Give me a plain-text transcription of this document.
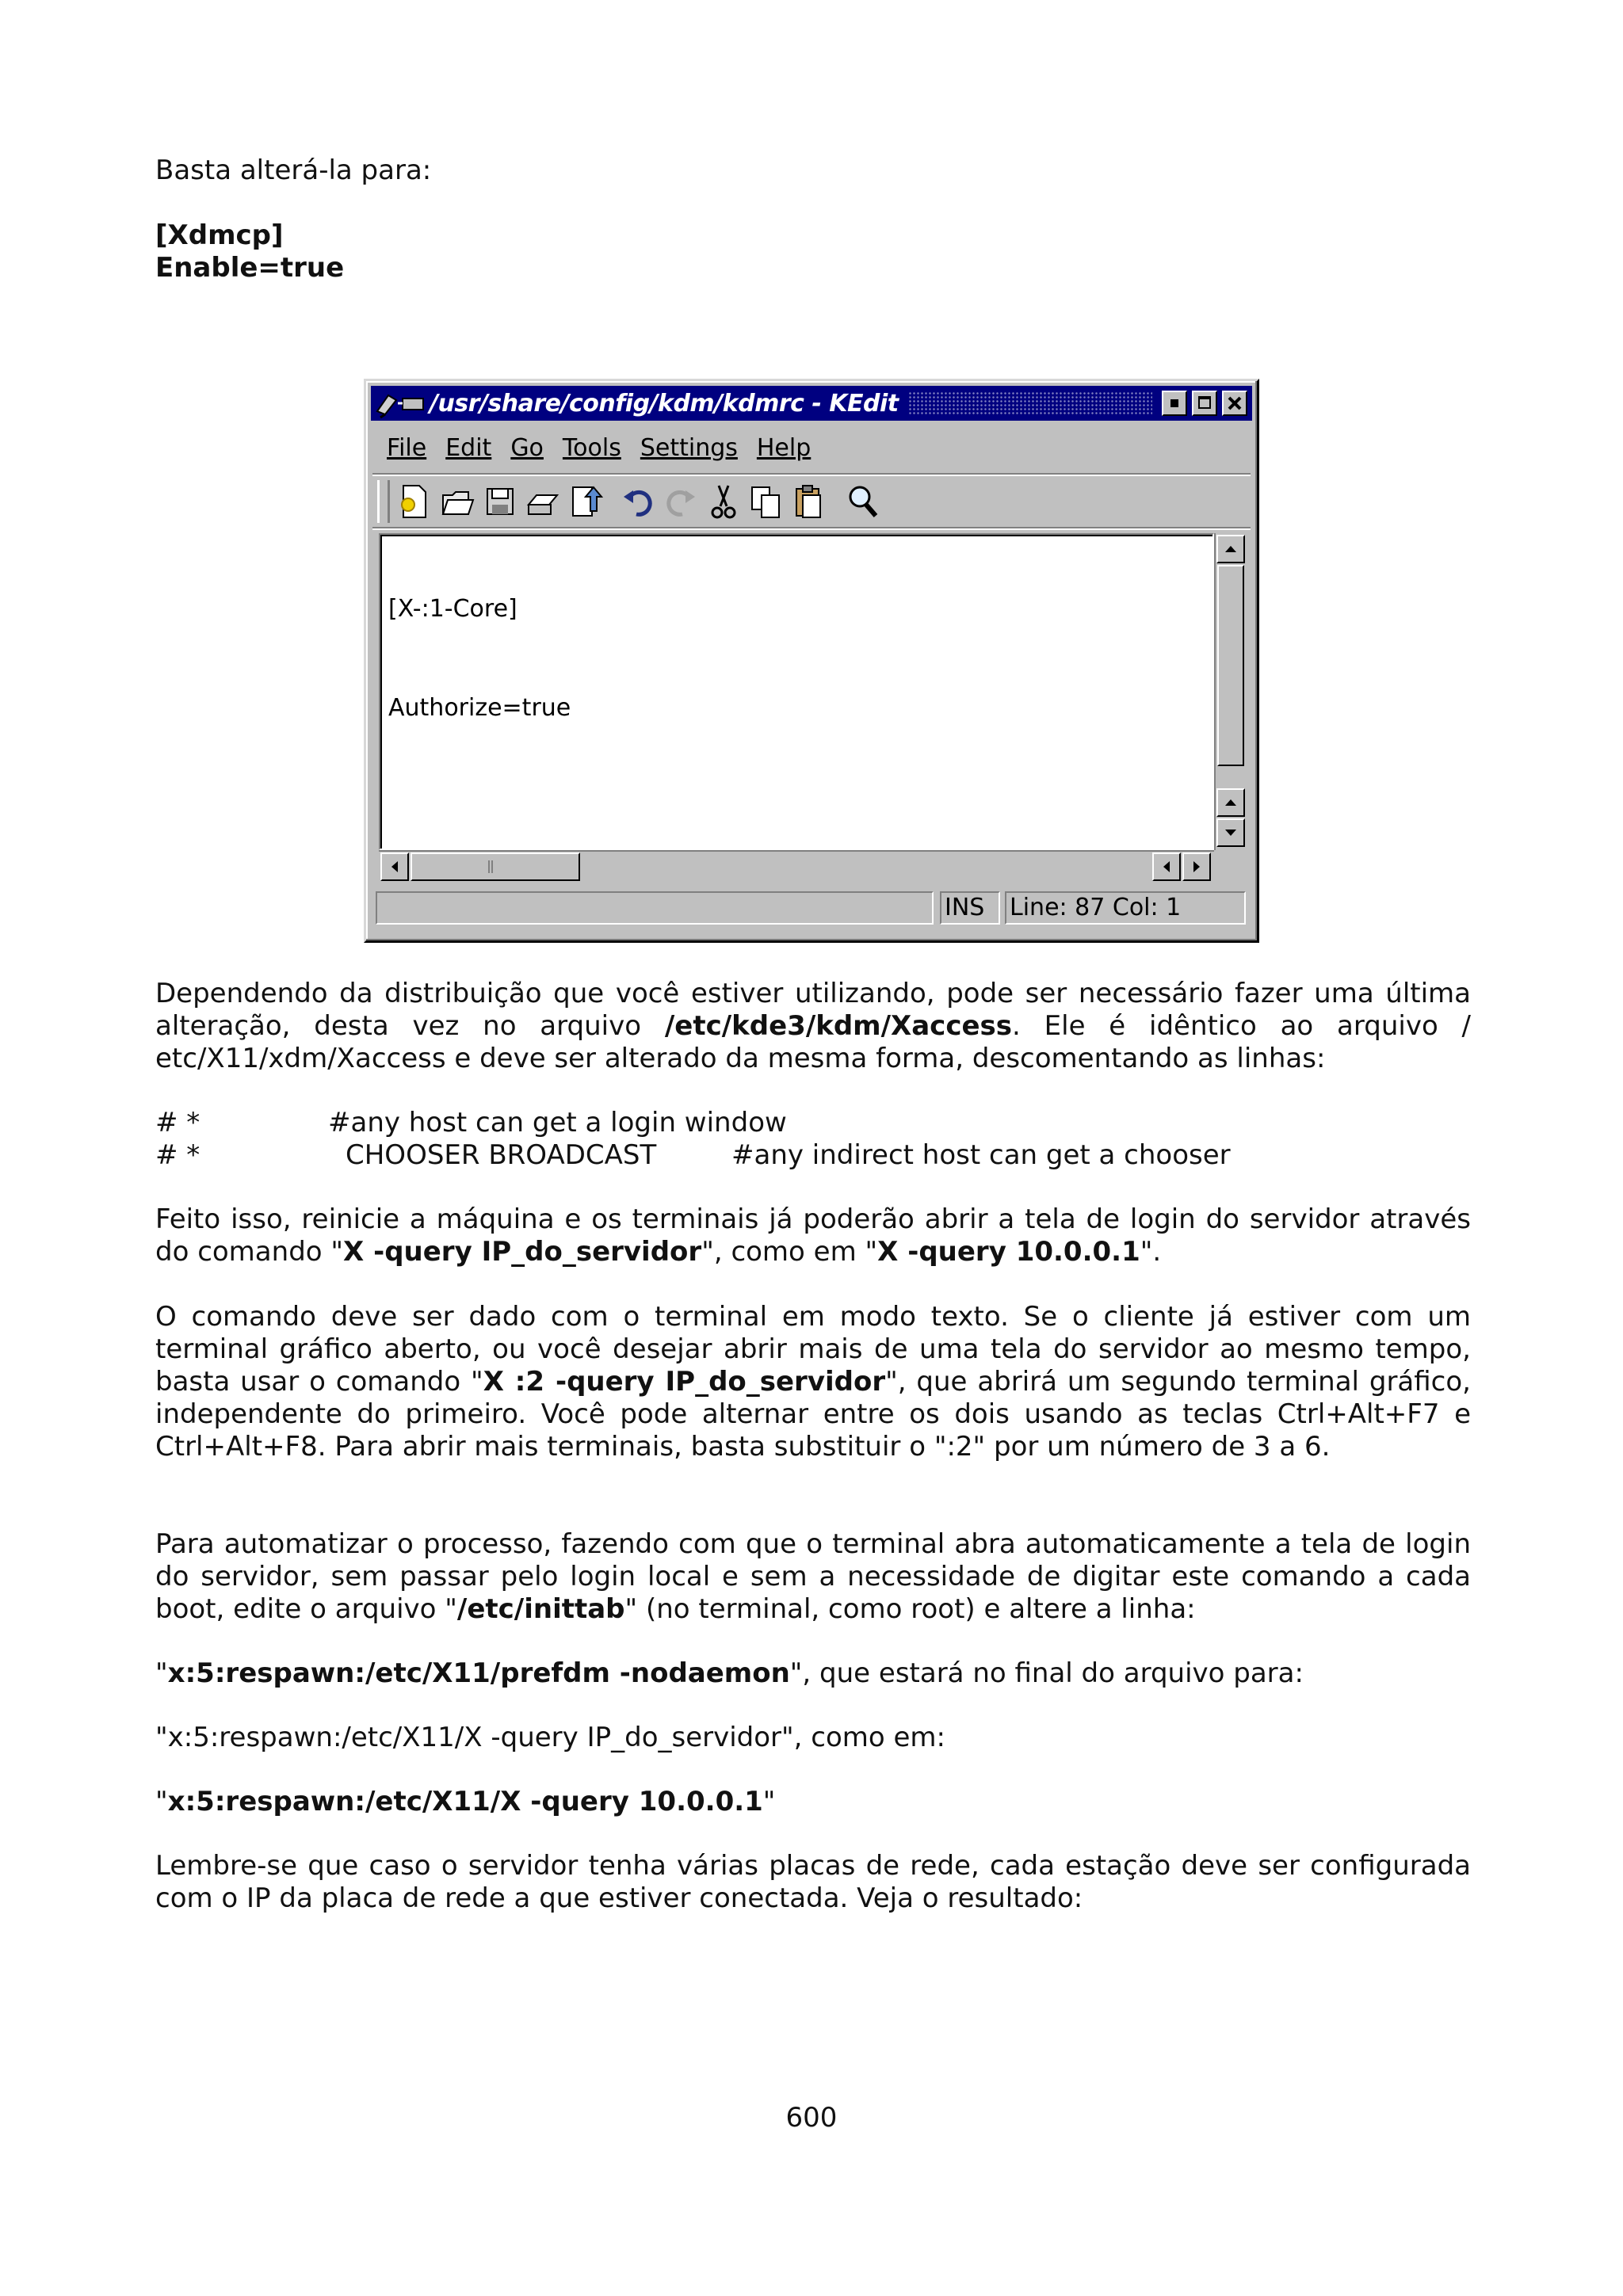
Basta alterá-la para:

[Xdmcp]

Enable=true

/usr/share/config/kdm/kdmrc - KEdit
File Edit Go Tools Settings Help

[X-:1-Core]

Authorize=true

INS	Line: 87 Col: 1

Dependendo da distribuição que você estiver utilizando, pode ser necessário fazer uma última alteração, desta vez no arquivo /etc/kde3/kdm/Xaccess. Ele é idêntico ao arquivo / etc/X11/xdm/Xaccess e deve ser alterado da mesma forma, descomentando as linhas:

# *	#any host can get a login window
# *	CHOOSER BROADCAST	#any indirect host can get a chooser

Feito isso, reinicie a máquina e os terminais já poderão abrir a tela de login do servidor através do comando "X -query IP_do_servidor", como em "X -query 10.0.0.1".

O comando deve ser dado com o terminal em modo texto. Se o cliente já estiver com um terminal gráfico aberto, ou você desejar abrir mais de uma tela do servidor ao mesmo tempo, basta usar o comando "X :2 -query IP_do_servidor", que abrirá um segundo terminal gráfico, independente do primeiro. Você pode alternar entre os dois usando as teclas Ctrl+Alt+F7 e Ctrl+Alt+F8. Para abrir mais terminais, basta substituir o ":2" por um número de 3 a 6.

Para automatizar o processo, fazendo com que o terminal abra automaticamente a tela de login do servidor, sem passar pelo login local e sem a necessidade de digitar este comando a cada boot, edite o arquivo "/etc/inittab" (no terminal, como root) e altere a linha:

"x:5:respawn:/etc/X11/prefdm -nodaemon", que estará no final do arquivo para:

"x:5:respawn:/etc/X11/X -query IP_do_servidor", como em:

"x:5:respawn:/etc/X11/X -query 10.0.0.1"

Lembre-se que caso o servidor tenha várias placas de rede, cada estação deve ser configurada com o IP da placa de rede a que estiver conectada. Veja o resultado:

600
